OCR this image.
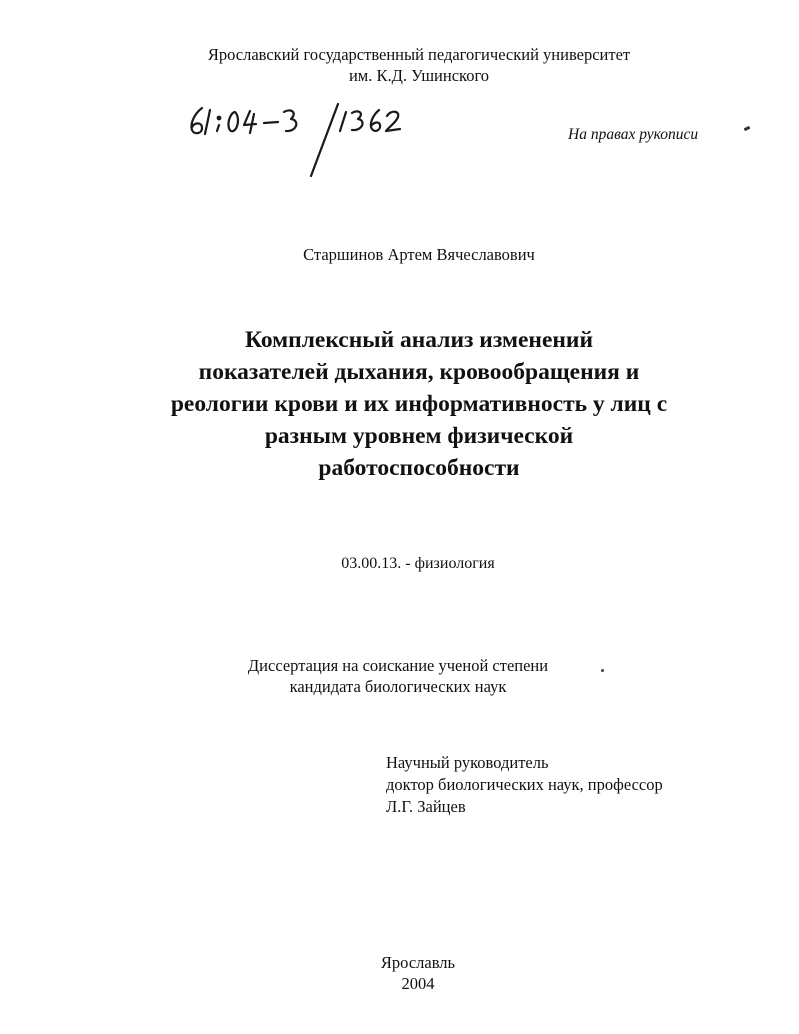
Ярославский государственный педагогический университет
им. К.Д. Ушинского
На правах рукописи
Старшинов Артем Вячеславович
Комплексный анализ изменений
показателей дыхания, кровообращения и
реологии крови и их информативность у лиц с
разным уровнем физической
работоспособности
03.00.13. - физиология
Диссертация на соискание ученой степени
кандидата биологических наук
Научный руководитель
доктор биологических наук, профессор
Л.Г. Зайцев
Ярославль
2004
